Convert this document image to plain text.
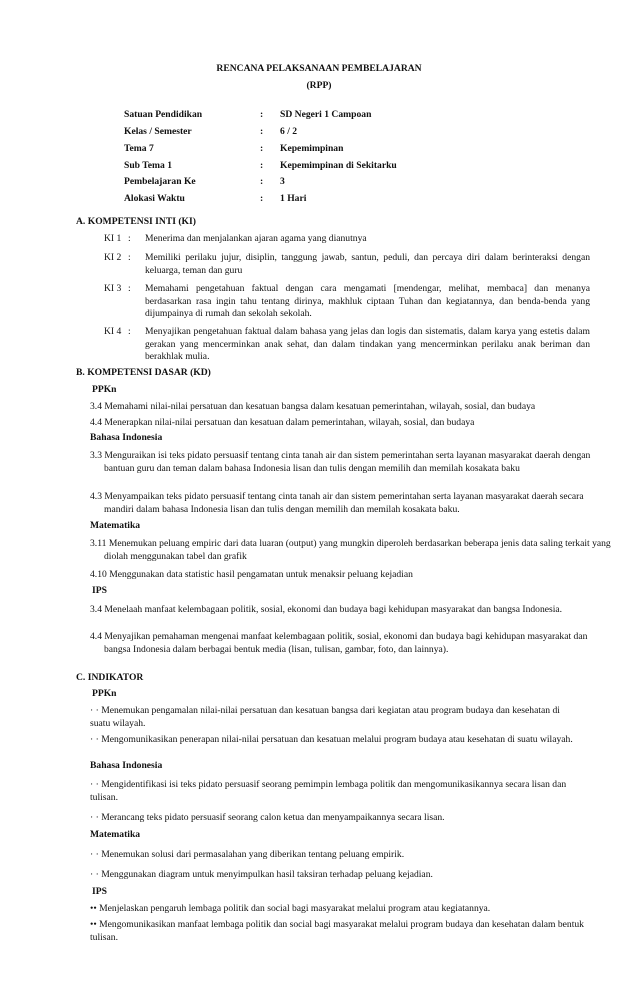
RENCANA PELAKSANAAN PEMBELAJARAN
(RPP)
Satuan Pendidikan	: SD Negeri 1 Campoan
Kelas / Semester	: 6 / 2
Tema 7	: Kepemimpinan
Sub Tema 1	: Kepemimpinan di Sekitarku
Pembelajaran Ke	: 3
Alokasi Waktu	: 1 Hari
A. KOMPETENSI INTI (KI)
KI 1 : Menerima dan menjalankan ajaran agama yang dianutnya
KI 2 : Memiliki perilaku jujur, disiplin, tanggung jawab, santun, peduli, dan percaya diri dalam berinteraksi dengan keluarga, teman dan guru
KI 3 : Memahami pengetahuan faktual dengan cara mengamati [mendengar, melihat, membaca] dan menanya berdasarkan rasa ingin tahu tentang dirinya, makhluk ciptaan Tuhan dan kegiatannya, dan benda-benda yang dijumpainya di rumah dan sekolah sekolah.
KI 4 : Menyajikan pengetahuan faktual dalam bahasa yang jelas dan logis dan sistematis, dalam karya yang estetis dalam gerakan yang mencerminkan anak sehat, dan dalam tindakan yang mencerminkan perilaku anak beriman dan berakhlak mulia.
B. KOMPETENSI DASAR (KD)
PPKn
3.4 Memahami nilai-nilai persatuan dan kesatuan bangsa dalam kesatuan pemerintahan, wilayah, sosial, dan budaya
4.4 Menerapkan nilai-nilai persatuan dan kesatuan dalam pemerintahan, wilayah, sosial, dan budaya
Bahasa Indonesia
3.3 Menguraikan isi teks pidato persuasif tentang cinta tanah air dan sistem pemerintahan serta layanan masyarakat daerah dengan bantuan guru dan teman dalam bahasa Indonesia lisan dan tulis dengan memilih dan memilah kosakata baku
4.3 Menyampaikan teks pidato persuasif tentang cinta tanah air dan sistem pemerintahan serta layanan masyarakat daerah secara mandiri dalam bahasa Indonesia lisan dan tulis dengan memilih dan memilah kosakata baku.
Matematika
3.11 Menemukan peluang empiric dari data luaran (output) yang mungkin diperoleh berdasarkan beberapa jenis data saling terkait yang diolah menggunakan tabel dan grafik
4.10 Menggunakan data statistic hasil pengamatan untuk menaksir peluang kejadian
IPS
3.4 Menelaah manfaat kelembagaan politik, sosial, ekonomi dan budaya bagi kehidupan masyarakat dan bangsa Indonesia.
4.4 Menyajikan pemahaman mengenai manfaat kelembagaan politik, sosial, ekonomi dan budaya bagi kehidupan masyarakat dan bangsa Indonesia dalam berbagai bentuk media (lisan, tulisan, gambar, foto, dan lainnya).
C. INDIKATOR
PPKn
· · Menemukan pengamalan nilai-nilai persatuan dan kesatuan bangsa dari kegiatan atau program budaya dan kesehatan di suatu wilayah.
· · Mengomunikasikan penerapan nilai-nilai persatuan dan kesatuan melalui program budaya atau kesehatan di suatu wilayah.
Bahasa Indonesia
· · Mengidentifikasi isi teks pidato persuasif seorang pemimpin lembaga politik dan mengomunikasikannya secara lisan dan tulisan.
· · Merancang teks pidato persuasif seorang calon ketua dan menyampaikannya secara lisan.
Matematika
· · Menemukan solusi dari permasalahan yang diberikan tentang peluang empirik.
· · Menggunakan diagram untuk menyimpulkan hasil taksiran terhadap peluang kejadian.
IPS
•• Menjelaskan pengaruh lembaga politik dan social bagi masyarakat melalui program atau kegiatannya.
•• Mengomunikasikan manfaat lembaga politik dan social bagi masyarakat melalui program budaya dan kesehatan dalam bentuk tulisan.
